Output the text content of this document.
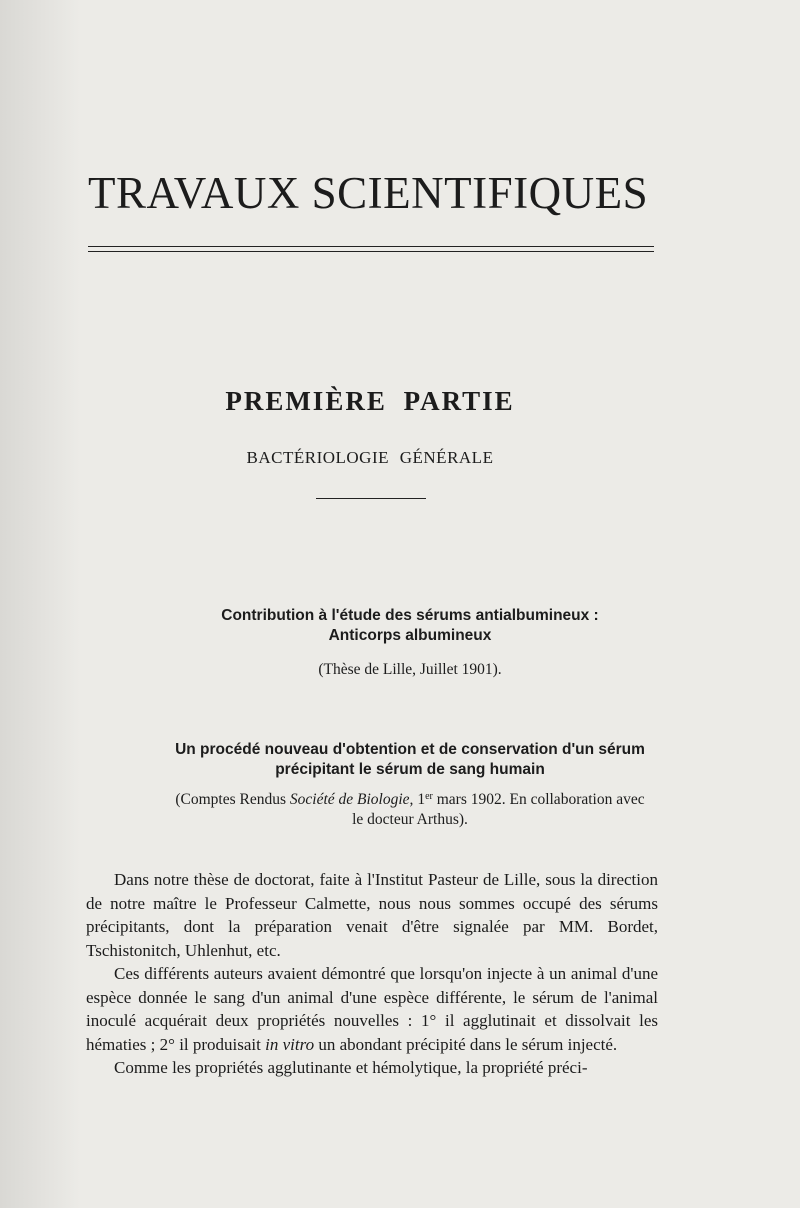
TRAVAUX SCIENTIFIQUES
PREMIÈRE PARTIE
BACTÉRIOLOGIE GÉNÉRALE
Contribution à l'étude des sérums antialbumineux :
Anticorps albumineux
(Thèse de Lille, Juillet 1901).
Un procédé nouveau d'obtention et de conservation d'un sérum
précipitant le sérum de sang humain
(Comptes Rendus Société de Biologie, 1er mars 1902. En collaboration avec
le docteur Arthus).

Dans notre thèse de doctorat, faite à l'Institut Pasteur de Lille, sous la direction de notre maître le Professeur Calmette, nous nous sommes occupé des sérums précipitants, dont la préparation venait d'être signalée par MM. Bordet, Tschistonitch, Uhlenhut, etc.

Ces différents auteurs avaient démontré que lorsqu'on injecte à un animal d'une espèce donnée le sang d'un animal d'une espèce différente, le sérum de l'animal inoculé acquérait deux propriétés nouvelles : 1° il agglutinait et dissolvait les hématies ; 2° il produisait in vitro un abondant précipité dans le sérum injecté.

Comme les propriétés agglutinante et hémolytique, la propriété préci-
